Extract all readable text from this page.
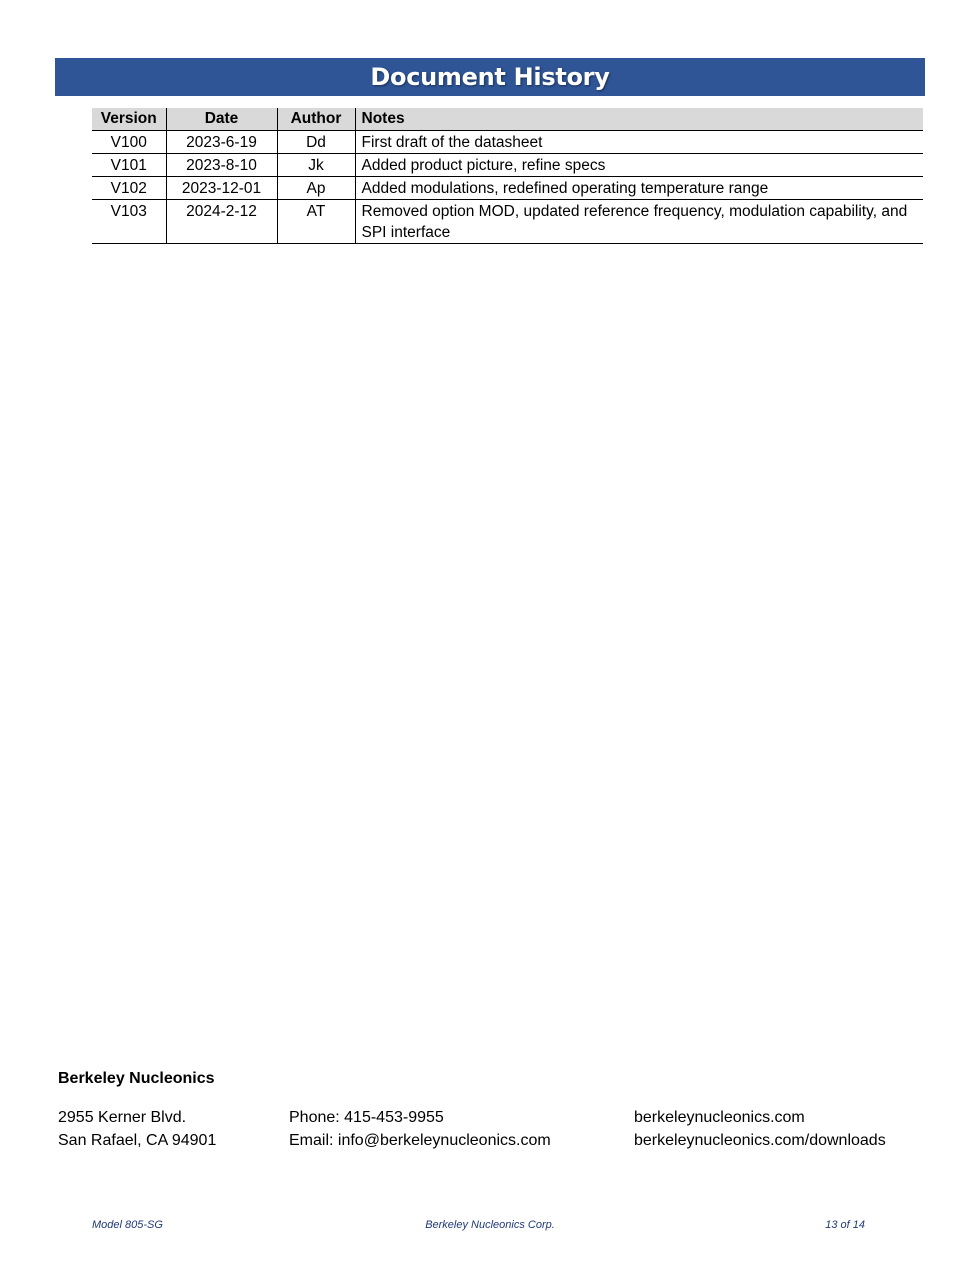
Document History
Version	Date	Author	Notes
V100	2023-6-19	Dd	First draft of the datasheet
V101	2023-8-10	Jk	Added product picture, refine specs
V102	2023-12-01	Ap	Added modulations, redefined operating temperature range
V103	2024-2-12	AT	Removed option MOD, updated reference frequency, modulation capability, and SPI interface
Berkeley Nucleonics
2955 Kerner Blvd.
San Rafael, CA 94901
Phone: 415-453-9955
Email: info@berkeleynucleonics.com
berkeleynucleonics.com
berkeleynucleonics.com/downloads
Model 805-SG	Berkeley Nucleonics Corp.	13 of 14
